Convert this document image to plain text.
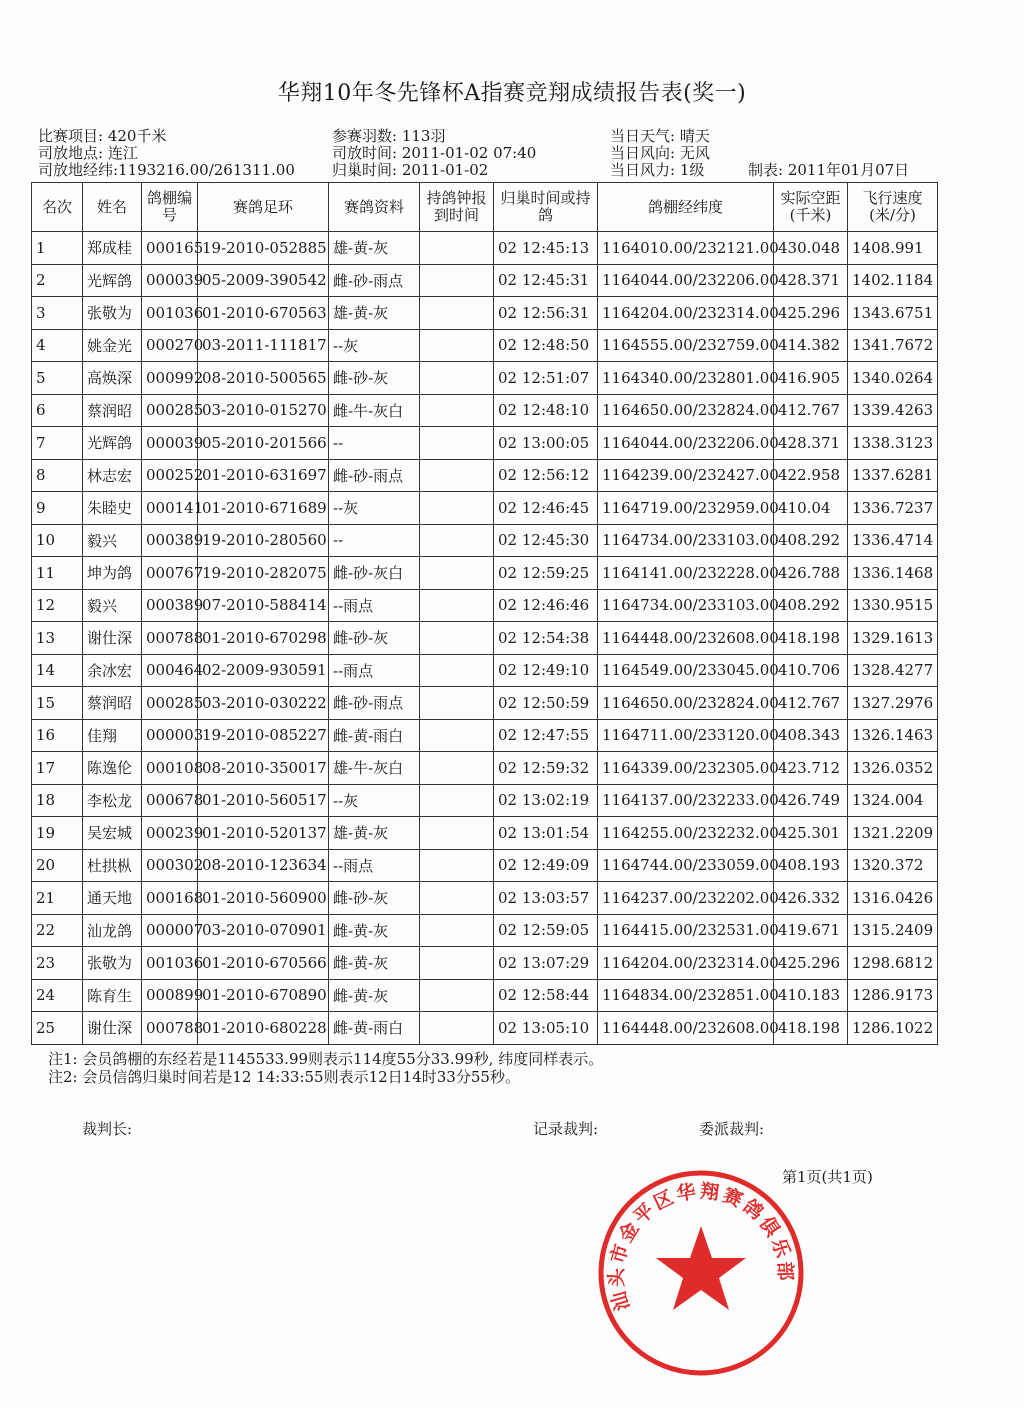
华翔10年冬先锋杯A指赛竞翔成绩报告表(奖一)
比赛项目: 420千米
司放地点: 连江
司放地经纬:1193216.00/261311.00
参赛羽数: 113羽
司放时间: 2011-01-02 07:40
归巢时间: 2011-01-02
当日天气: 晴天
当日风向: 无风
当日风力: 1级	制表: 2011年01月07日
名次	姓名	鸽棚编号	赛鸽足环	赛鸽资料	持鸽钟报到时间	归巢时间或持鸽	鸽棚经纬度	实际空距(千米)	飞行速度(米/分)
1	郑成桂	000165	19-2010-052885	雄-黄-灰		02 12:45:13	1164010.00/232121.00	430.048	1408.991
2	光辉鸽	000039	05-2009-390542	雌-砂-雨点		02 12:45:31	1164044.00/232206.00	428.371	1402.1184
3	张敬为	001036	01-2010-670563	雄-黄-灰		02 12:56:31	1164204.00/232314.00	425.296	1343.6751
4	姚金光	000270	03-2011-111817	--灰		02 12:48:50	1164555.00/232759.00	414.382	1341.7672
5	高焕深	000992	08-2010-500565	雌-砂-灰		02 12:51:07	1164340.00/232801.00	416.905	1340.0264
6	蔡润昭	000285	03-2010-015270	雌-牛-灰白		02 12:48:10	1164650.00/232824.00	412.767	1339.4263
7	光辉鸽	000039	05-2010-201566	--		02 13:00:05	1164044.00/232206.00	428.371	1338.3123
8	林志宏	000252	01-2010-631697	雌-砂-雨点		02 12:56:12	1164239.00/232427.00	422.958	1337.6281
9	朱睦史	000141	01-2010-671689	--灰		02 12:46:45	1164719.00/232959.00	410.04	1336.7237
10	毅兴	000389	19-2010-280560	--		02 12:45:30	1164734.00/233103.00	408.292	1336.4714
11	坤为鸽	000767	19-2010-282075	雌-砂-灰白		02 12:59:25	1164141.00/232228.00	426.788	1336.1468
12	毅兴	000389	07-2010-588414	--雨点		02 12:46:46	1164734.00/233103.00	408.292	1330.9515
13	谢仕深	000788	01-2010-670298	雌-砂-灰		02 12:54:38	1164448.00/232608.00	418.198	1329.1613
14	余冰宏	000464	02-2009-930591	--雨点		02 12:49:10	1164549.00/233045.00	410.706	1328.4277
15	蔡润昭	000285	03-2010-030222	雌-砂-雨点		02 12:50:59	1164650.00/232824.00	412.767	1327.2976
16	佳翔	000003	19-2010-085227	雌-黄-雨白		02 12:47:55	1164711.00/233120.00	408.343	1326.1463
17	陈逸伦	000108	08-2010-350017	雄-牛-灰白		02 12:59:32	1164339.00/232305.00	423.712	1326.0352
18	李松龙	000678	01-2010-560517	--灰		02 13:02:19	1164137.00/232233.00	426.749	1324.004
19	吴宏城	000239	01-2010-520137	雄-黄-灰		02 13:01:54	1164255.00/232232.00	425.301	1321.2209
20	杜拱枞	000302	08-2010-123634	--雨点		02 12:49:09	1164744.00/233059.00	408.193	1320.372
21	通天地	000168	01-2010-560900	雌-砂-灰		02 13:03:57	1164237.00/232202.00	426.332	1316.0426
22	汕龙鸽	000007	03-2010-070901	雌-黄-灰		02 12:59:05	1164415.00/232531.00	419.671	1315.2409
23	张敬为	001036	01-2010-670566	雌-黄-灰		02 13:07:29	1164204.00/232314.00	425.296	1298.6812
24	陈育生	000899	01-2010-670890	雌-黄-灰		02 12:58:44	1164834.00/232851.00	410.183	1286.9173
25	谢仕深	000788	01-2010-680228	雌-黄-雨白		02 13:05:10	1164448.00/232608.00	418.198	1286.1022
注1: 会员鸽棚的东经若是1145533.99则表示114度55分33.99秒, 纬度同样表示。
注2: 会员信鸽归巢时间若是12 14:33:55则表示12日14时33分55秒。
裁判长:	记录裁判:	委派裁判:
第1页(共1页)
汕头市金平区华翔赛鸽俱乐部
